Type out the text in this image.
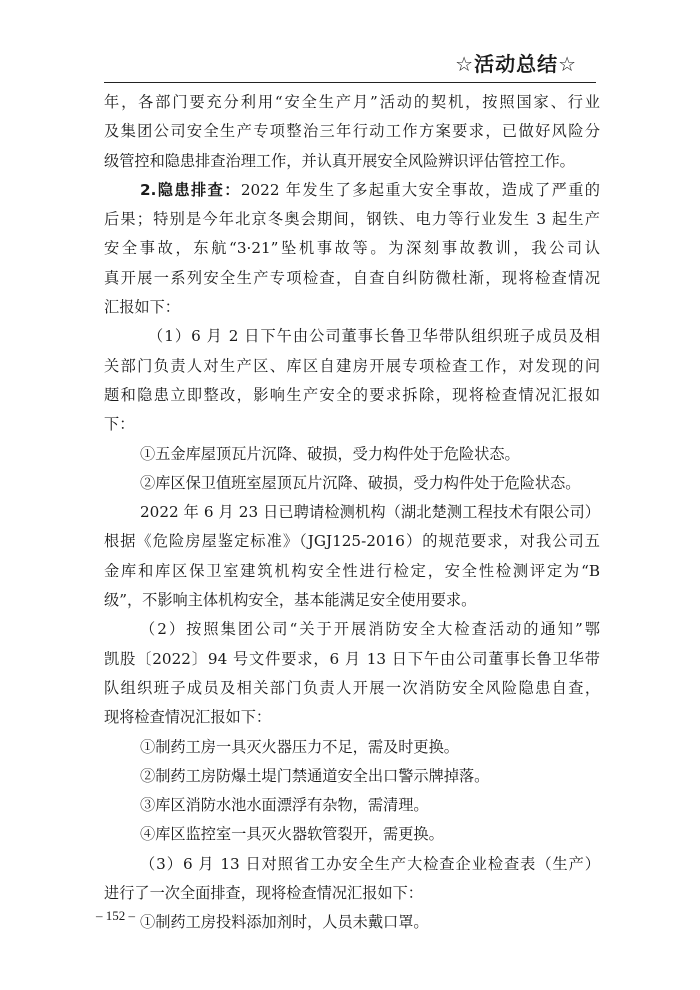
☆活动总结☆
年，各部门要充分利用“安全生产月”活动的契机，按照国家、行业
及集团公司安全生产专项整治三年行动工作方案要求，已做好风险分
级管控和隐患排查治理工作，并认真开展安全风险辨识评估管控工作。
2.隐患排查：2022 年发生了多起重大安全事故，造成了严重的
后果；特别是今年北京冬奥会期间，钢铁、电力等行业发生 3 起生产
安全事故，东航“3·21”坠机事故等。为深刻事故教训，我公司认
真开展一系列安全生产专项检查，自查自纠防微杜渐，现将检查情况
汇报如下：
（1）6 月 2 日下午由公司董事长鲁卫华带队组织班子成员及相
关部门负责人对生产区、库区自建房开展专项检查工作，对发现的问
题和隐患立即整改，影响生产安全的要求拆除，现将检查情况汇报如
下：
①五金库屋顶瓦片沉降、破损，受力构件处于危险状态。
②库区保卫值班室屋顶瓦片沉降、破损，受力构件处于危险状态。
2022 年 6 月 23 日已聘请检测机构（湖北楚测工程技术有限公司）
根据《危险房屋鉴定标准》（JGJ125-2016）的规范要求，对我公司五
金库和库区保卫室建筑机构安全性进行检定，安全性检测评定为“B
级”，不影响主体机构安全，基本能满足安全使用要求。
（2）按照集团公司“关于开展消防安全大检查活动的通知”鄂
凯股〔2022〕94 号文件要求，6 月 13 日下午由公司董事长鲁卫华带
队组织班子成员及相关部门负责人开展一次消防安全风险隐患自查，
现将检查情况汇报如下：
①制药工房一具灭火器压力不足，需及时更换。
②制药工房防爆土堤门禁通道安全出口警示牌掉落。
③库区消防水池水面漂浮有杂物，需清理。
④库区监控室一具灭火器软管裂开，需更换。
（3）6 月 13 日对照省工办安全生产大检查企业检查表（生产）
进行了一次全面排查，现将检查情况汇报如下：
①制药工房投料添加剂时，人员未戴口罩。
– 152 –
